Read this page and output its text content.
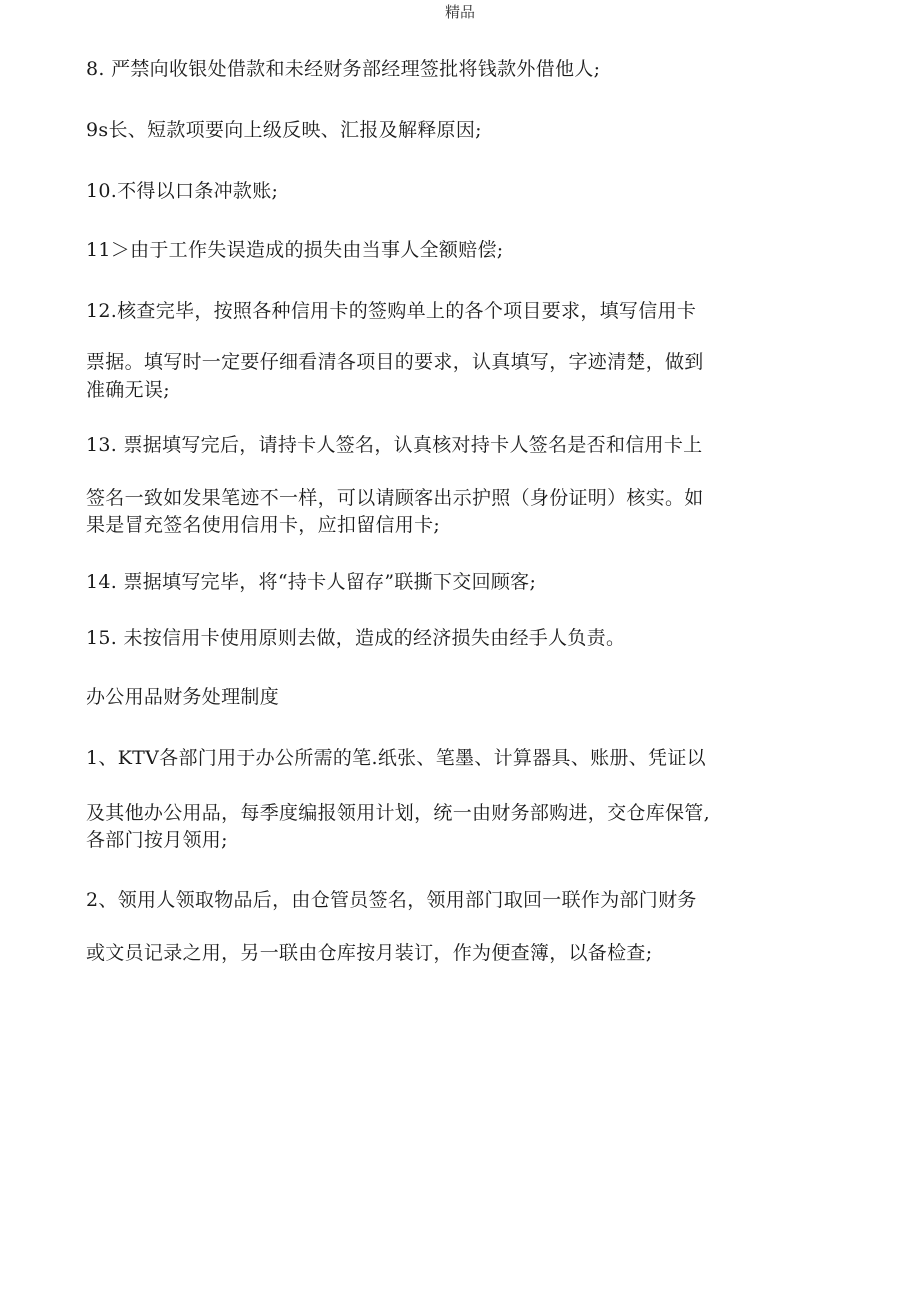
精品
8. 严禁向收银处借款和未经财务部经理签批将钱款外借他人;
9s长、短款项要向上级反映、汇报及解释原因;
10.不得以口条冲款账;
11＞由于工作失误造成的损失由当事人全额赔偿;
12.核查完毕，按照各种信用卡的签购单上的各个项目要求，填写信用卡
票据。填写时一定要仔细看清各项目的要求，认真填写，字迹清楚，做到
准确无误;
13. 票据填写完后，请持卡人签名，认真核对持卡人签名是否和信用卡上
签名一致如发果笔迹不一样，可以请顾客出示护照（身份证明）核实。如
果是冒充签名使用信用卡，应扣留信用卡;
14. 票据填写完毕，将“持卡人留存”联撕下交回顾客;
15. 未按信用卡使用原则去做，造成的经济损失由经手人负责。
办公用品财务处理制度
1、KTV各部门用于办公所需的笔.纸张、笔墨、计算器具、账册、凭证以
及其他办公用品，每季度编报领用计划，统一由财务部购进，交仓库保管,
各部门按月领用;
2、领用人领取物品后，由仓管员签名，领用部门取回一联作为部门财务
或文员记录之用，另一联由仓库按月装订，作为便查簿，以备检查;
